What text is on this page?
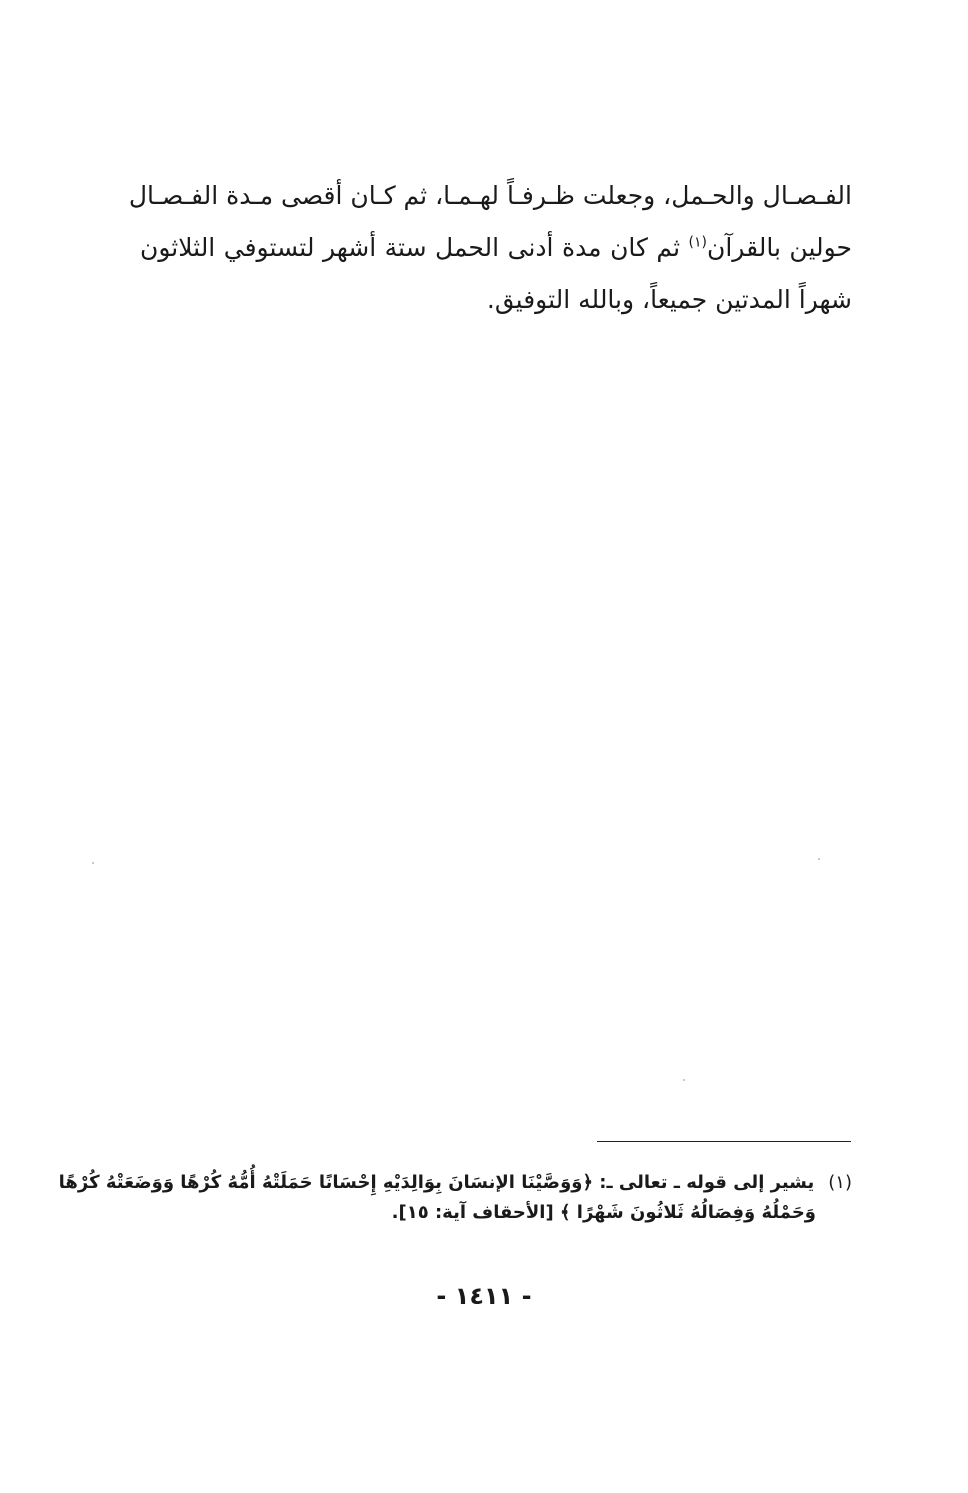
الفـصـال والحـمل، وجعلت ظـرفـاً لهـمـا، ثم كـان أقصى مـدة الفـصـال
حولين بالقرآن$^{(١)}$ ثم كان مدة أدنى الحمل ستة أشهر لتستوفي الثلاثون
شهراً المدتين جميعاً، وبالله التوفيق.
(١)يشير إلى قوله ـ تعالى ـ: ﴿وَوَصَّيْنَا الإنسَانَ بِوَالِدَيْهِ إِحْسَانًا حَمَلَتْهُ أُمُّهُ كُرْهًا وَوَضَعَتْهُ كُرْهًا
وَحَمْلُهُ وَفِصَالُهُ ثَلاثُونَ شَهْرًا ﴾ [الأحقاف آية: ١٥].
- ١٤١١ -
